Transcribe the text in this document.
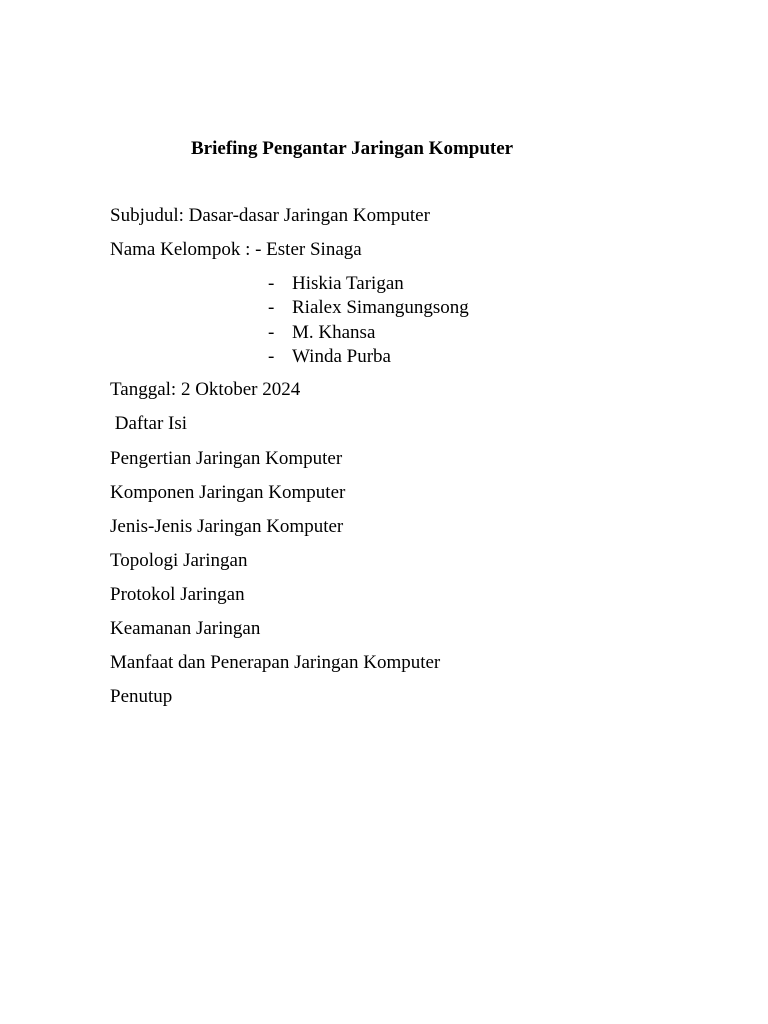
Briefing Pengantar Jaringan Komputer
Subjudul: Dasar-dasar Jaringan Komputer
Nama Kelompok : - Ester Sinaga
- Hiskia Tarigan
- Rialex Simangungsong
- M. Khansa
- Winda Purba
Tanggal: 2 Oktober 2024
Daftar Isi
Pengertian Jaringan Komputer
Komponen Jaringan Komputer
Jenis-Jenis Jaringan Komputer
Topologi Jaringan
Protokol Jaringan
Keamanan Jaringan
Manfaat dan Penerapan Jaringan Komputer
Penutup
